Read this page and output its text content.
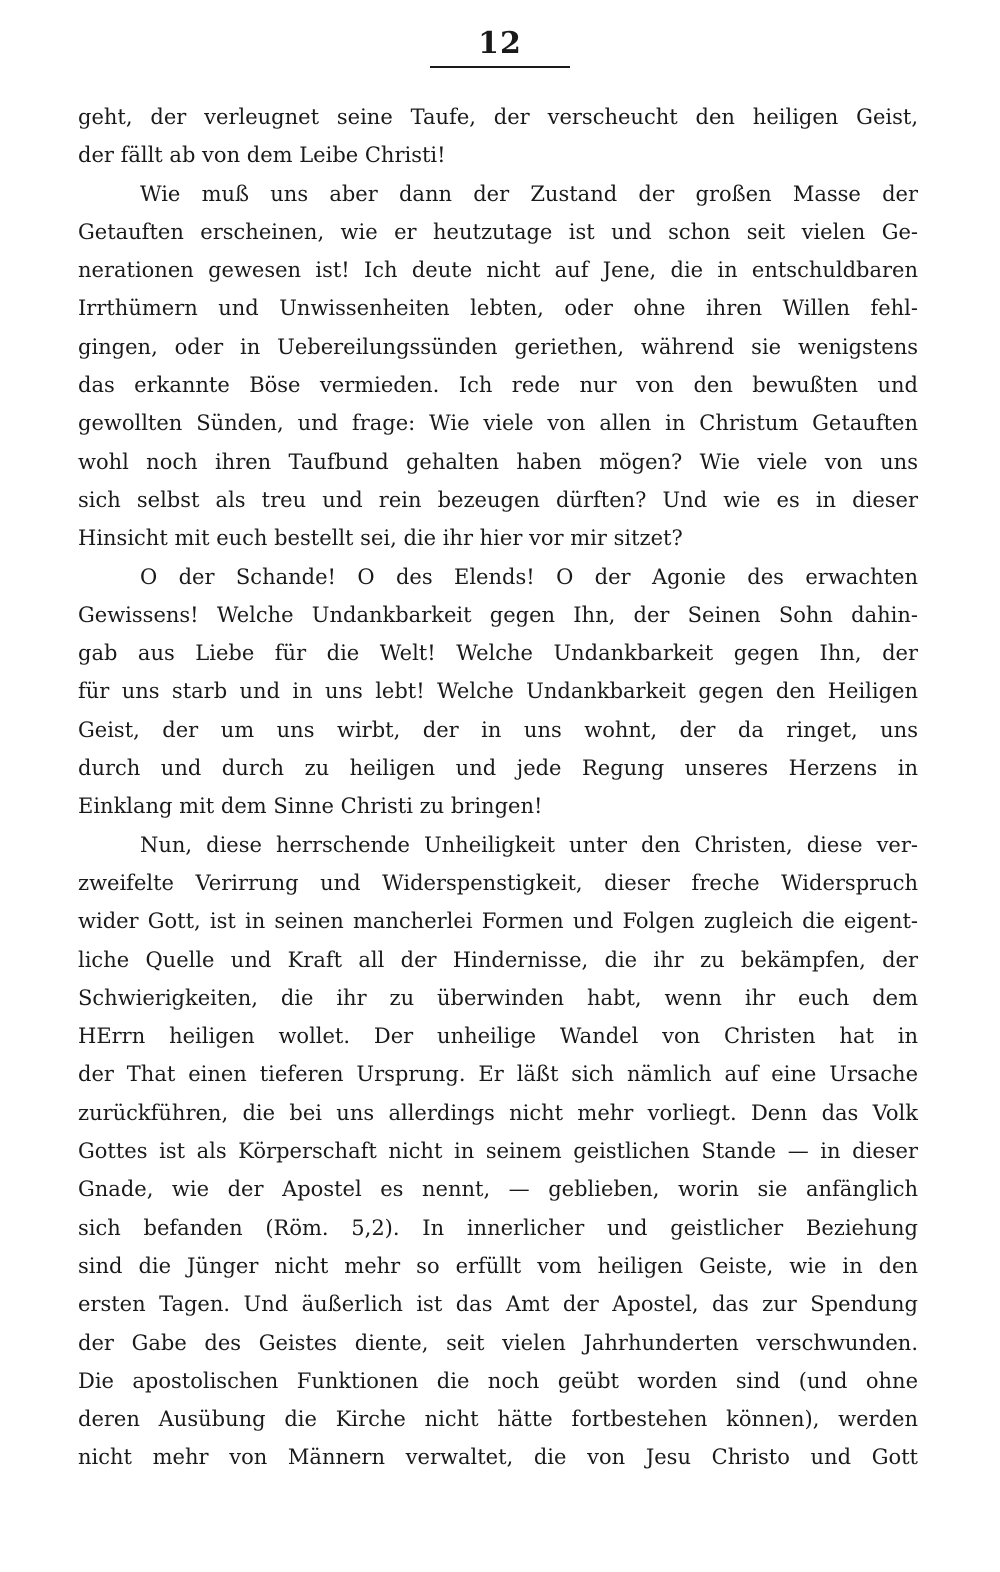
12
geht, der verleugnet seine Taufe, der verscheucht den heiligen Geist,
der fällt ab von dem Leibe Christi!
Wie muß uns aber dann der Zustand der großen Masse der
Getauften erscheinen, wie er heutzutage ist und schon seit vielen Ge-
nerationen gewesen ist! Ich deute nicht auf Jene, die in entschuldbaren
Irrthümern und Unwissenheiten lebten, oder ohne ihren Willen fehl-
gingen, oder in Uebereilungssünden geriethen, während sie wenigstens
das erkannte Böse vermieden. Ich rede nur von den bewußten und
gewollten Sünden, und frage: Wie viele von allen in Christum Getauften
wohl noch ihren Taufbund gehalten haben mögen? Wie viele von uns
sich selbst als treu und rein bezeugen dürften? Und wie es in dieser
Hinsicht mit euch bestellt sei, die ihr hier vor mir sitzet?
O der Schande! O des Elends! O der Agonie des erwachten
Gewissens! Welche Undankbarkeit gegen Ihn, der Seinen Sohn dahin-
gab aus Liebe für die Welt! Welche Undankbarkeit gegen Ihn, der
für uns starb und in uns lebt! Welche Undankbarkeit gegen den Heiligen
Geist, der um uns wirbt, der in uns wohnt, der da ringet, uns
durch und durch zu heiligen und jede Regung unseres Herzens in
Einklang mit dem Sinne Christi zu bringen!
Nun, diese herrschende Unheiligkeit unter den Christen, diese ver-
zweifelte Verirrung und Widerspenstigkeit, dieser freche Widerspruch
wider Gott, ist in seinen mancherlei Formen und Folgen zugleich die eigent-
liche Quelle und Kraft all der Hindernisse, die ihr zu bekämpfen, der
Schwierigkeiten, die ihr zu überwinden habt, wenn ihr euch dem
HErrn heiligen wollet. Der unheilige Wandel von Christen hat in
der That einen tieferen Ursprung. Er läßt sich nämlich auf eine Ursache
zurückführen, die bei uns allerdings nicht mehr vorliegt. Denn das Volk
Gottes ist als Körperschaft nicht in seinem geistlichen Stande — in dieser
Gnade, wie der Apostel es nennt, — geblieben, worin sie anfänglich
sich befanden (Röm. 5,2). In innerlicher und geistlicher Beziehung
sind die Jünger nicht mehr so erfüllt vom heiligen Geiste, wie in den
ersten Tagen. Und äußerlich ist das Amt der Apostel, das zur Spendung
der Gabe des Geistes diente, seit vielen Jahrhunderten verschwunden.
Die apostolischen Funktionen die noch geübt worden sind (und ohne
deren Ausübung die Kirche nicht hätte fortbestehen können), werden
nicht mehr von Männern verwaltet, die von Jesu Christo und Gott
